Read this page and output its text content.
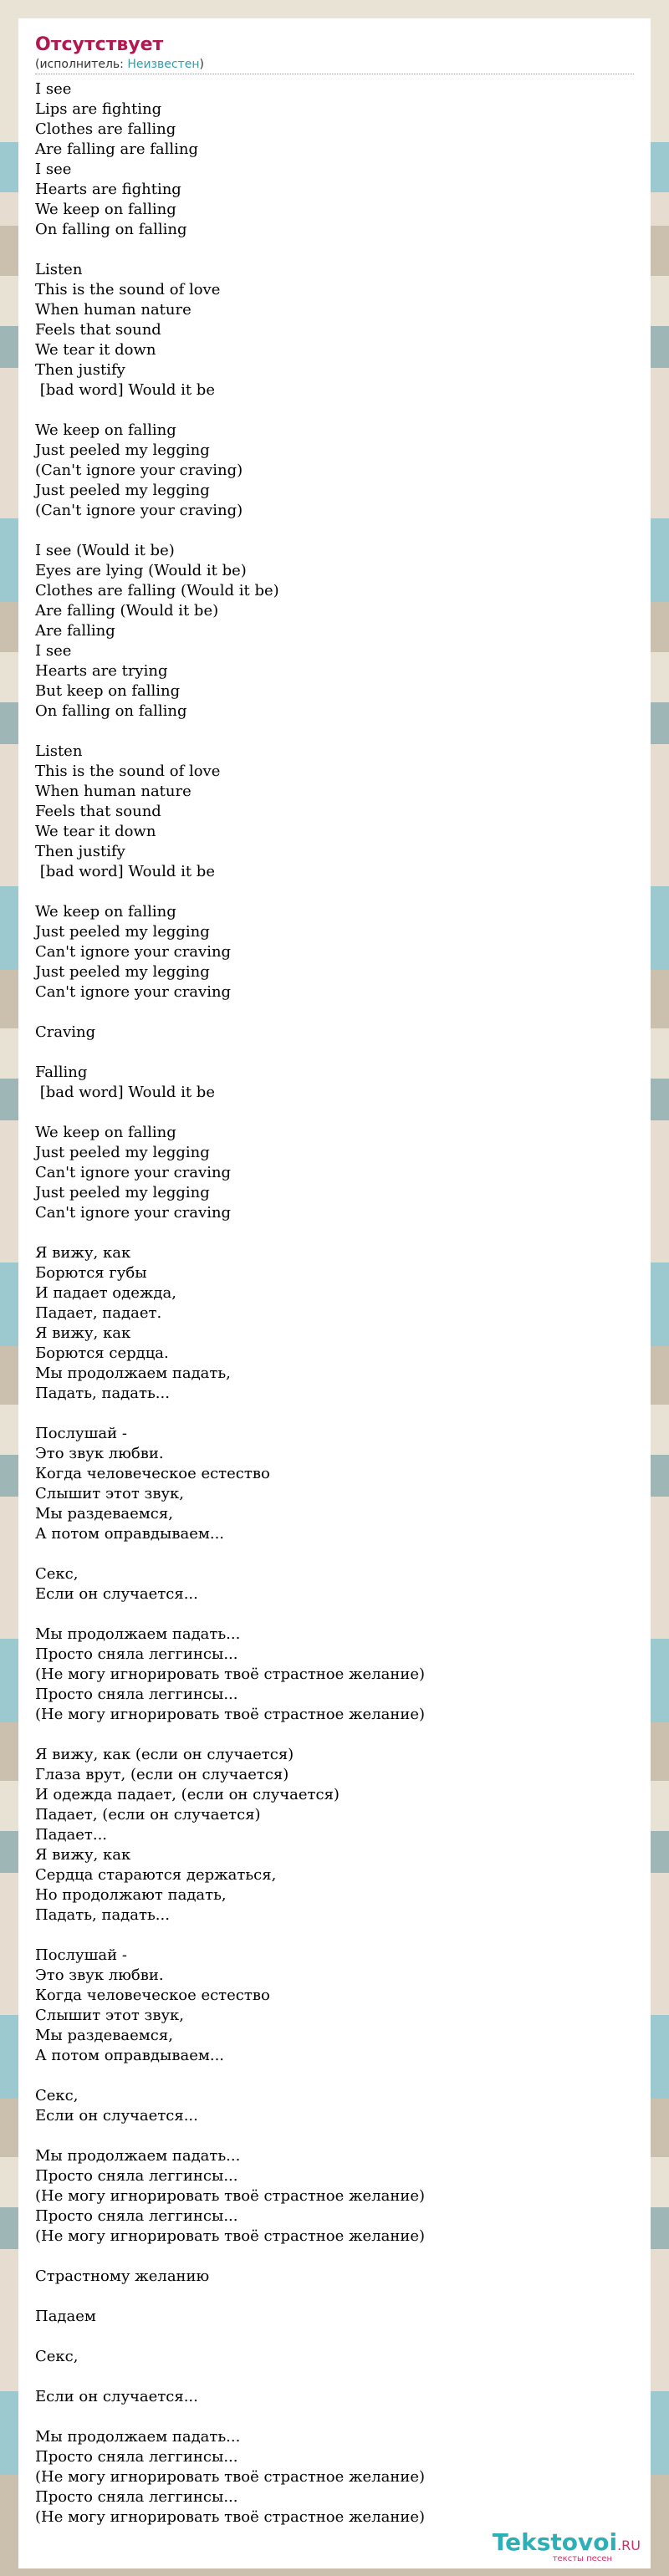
Отсутствует
(исполнитель: Неизвестен)
I see
Lips are fighting
Clothes are falling
Are falling are falling
I see
Hearts are fighting
We keep on falling
On falling on falling

Listen
This is the sound of love
When human nature
Feels that sound
We tear it down
Then justify
[bad word] Would it be

We keep on falling
Just peeled my legging
(Can't ignore your craving)
Just peeled my legging
(Can't ignore your craving)

I see (Would it be)
Eyes are lying (Would it be)
Clothes are falling (Would it be)
Are falling (Would it be)
Are falling
I see
Hearts are trying
But keep on falling
On falling on falling

Listen
This is the sound of love
When human nature
Feels that sound
We tear it down
Then justify
[bad word] Would it be

We keep on falling
Just peeled my legging
Can't ignore your craving
Just peeled my legging
Can't ignore your craving

Craving

Falling
[bad word] Would it be

We keep on falling
Just peeled my legging
Can't ignore your craving
Just peeled my legging
Can't ignore your craving

Я вижу, как
Борются губы
И падает одежда,
Падает, падает.
Я вижу, как
Борются сердца.
Мы продолжаем падать,
Падать, падать...

Послушай -
Это звук любви.
Когда человеческое естество
Слышит этот звук,
Мы раздеваемся,
А потом оправдываем...

Секс,
Если он случается...

Мы продолжаем падать...
Просто сняла леггинсы...
(Не могу игнорировать твоё страстное желание)
Просто сняла леггинсы...
(Не могу игнорировать твоё страстное желание)

Я вижу, как (если он случается)
Глаза врут, (если он случается)
И одежда падает, (если он случается)
Падает, (если он случается)
Падает...
Я вижу, как
Сердца стараются держаться,
Но продолжают падать,
Падать, падать...

Послушай -
Это звук любви.
Когда человеческое естество
Слышит этот звук,
Мы раздеваемся,
А потом оправдываем...

Секс,
Если он случается...

Мы продолжаем падать...
Просто сняла леггинсы...
(Не могу игнорировать твоё страстное желание)
Просто сняла леггинсы...
(Не могу игнорировать твоё страстное желание)

Страстному желанию

Падаем

Секс,

Если он случается...

Мы продолжаем падать...
Просто сняла леггинсы...
(Не могу игнорировать твоё страстное желание)
Просто сняла леггинсы...
(Не могу игнорировать твоё страстное желание)
Tekstovoi.RU
тексты песен
